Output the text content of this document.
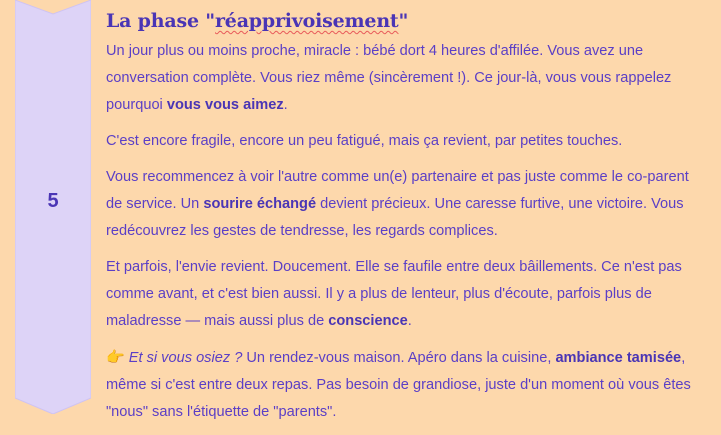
5
La phase "réapprivoisement"

Un jour plus ou moins proche, miracle : bébé dort 4 heures d'affilée. Vous avez une conversation complète. Vous riez même (sincèrement !). Ce jour-là, vous vous rappelez pourquoi vous vous aimez.

C'est encore fragile, encore un peu fatigué, mais ça revient, par petites touches.

Vous recommencez à voir l'autre comme un(e) partenaire et pas juste comme le co-parent de service. Un sourire échangé devient précieux. Une caresse furtive, une victoire. Vous redécouvrez les gestes de tendresse, les regards complices.

Et parfois, l'envie revient. Doucement. Elle se faufile entre deux bâillements. Ce n'est pas comme avant, et c'est bien aussi. Il y a plus de lenteur, plus d'écoute, parfois plus de maladresse — mais aussi plus de conscience.

👉 Et si vous osiez ? Un rendez-vous maison. Apéro dans la cuisine, ambiance tamisée, même si c'est entre deux repas. Pas besoin de grandiose, juste d'un moment où vous êtes "nous" sans l'étiquette de "parents".
